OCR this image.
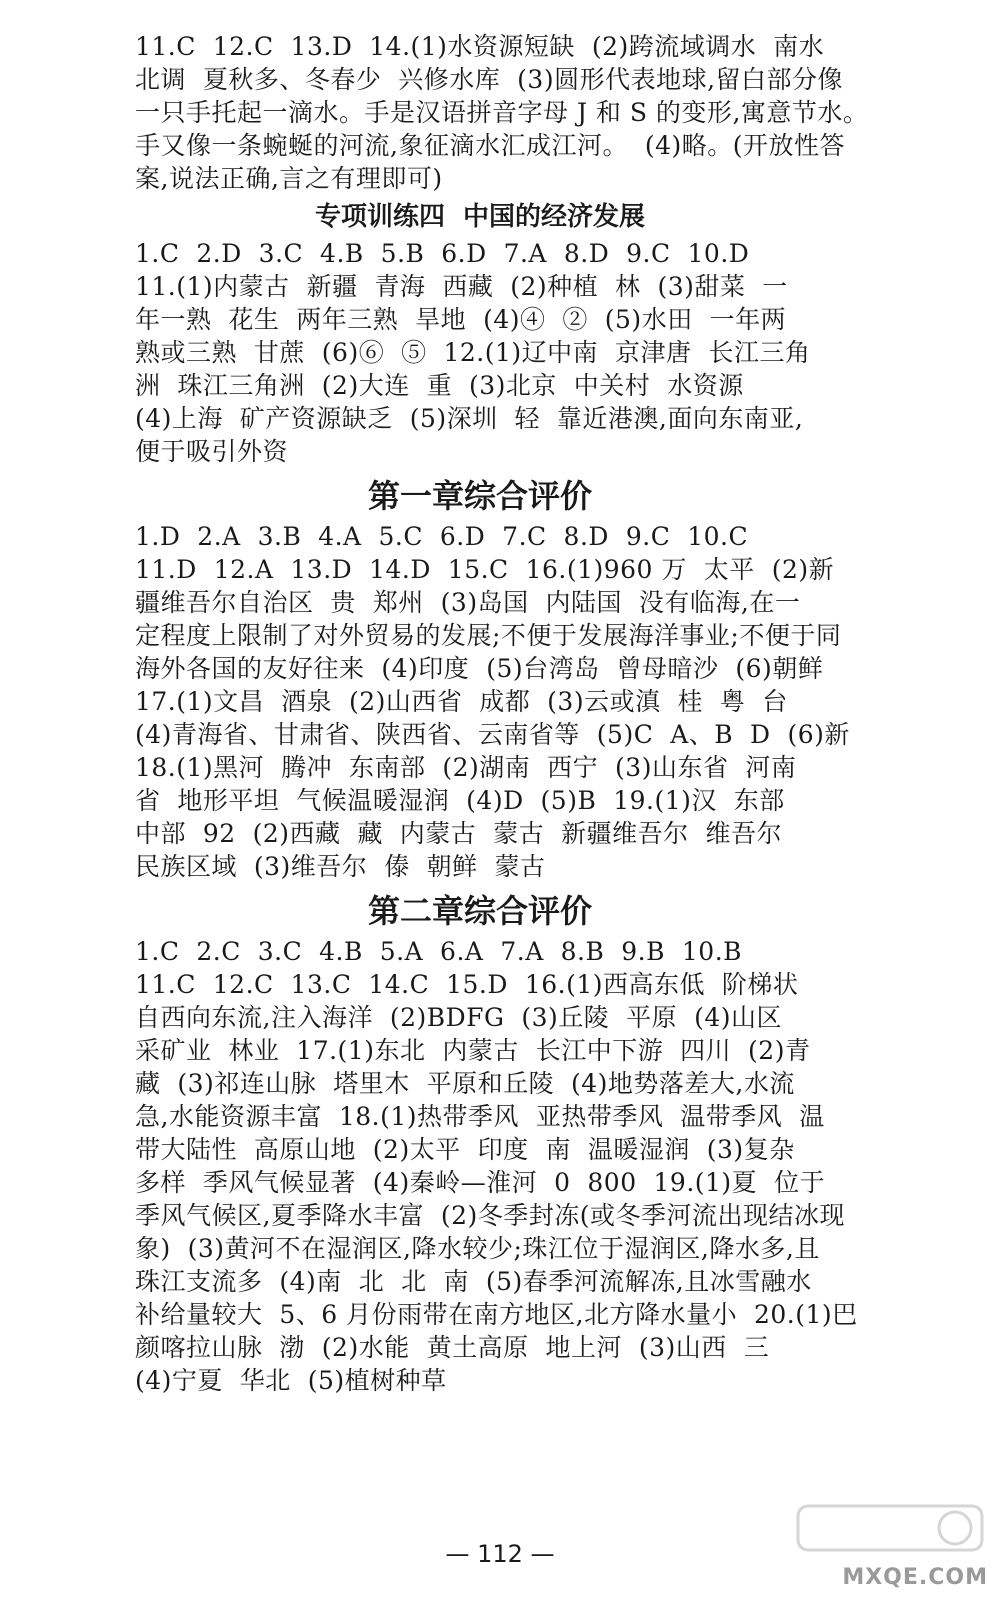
11.C  12.C  13.D  14.(1)水资源短缺  (2)跨流域调水  南水
北调  夏秋多、冬春少  兴修水库  (3)圆形代表地球,留白部分像
一只手托起一滴水。手是汉语拼音字母 J 和 S 的变形,寓意节水。
手又像一条蜿蜒的河流,象征滴水汇成江河。  (4)略。(开放性答
案,说法正确,言之有理即可)
专项训练四  中国的经济发展
1.C  2.D  3.C  4.B  5.B  6.D  7.A  8.D  9.C  10.D
11.(1)内蒙古  新疆  青海  西藏  (2)种植  林  (3)甜菜  一
年一熟  花生  两年三熟  旱地  (4)④  ②  (5)水田  一年两
熟或三熟  甘蔗  (6)⑥  ⑤  12.(1)辽中南  京津唐  长江三角
洲  珠江三角洲  (2)大连  重  (3)北京  中关村  水资源
(4)上海  矿产资源缺乏  (5)深圳  轻  靠近港澳,面向东南亚,
便于吸引外资
第一章综合评价
1.D  2.A  3.B  4.A  5.C  6.D  7.C  8.D  9.C  10.C
11.D  12.A  13.D  14.D  15.C  16.(1)960 万  太平  (2)新
疆维吾尔自治区  贵  郑州  (3)岛国  内陆国  没有临海,在一
定程度上限制了对外贸易的发展;不便于发展海洋事业;不便于同
海外各国的友好往来  (4)印度  (5)台湾岛  曾母暗沙  (6)朝鲜
17.(1)文昌  酒泉  (2)山西省  成都  (3)云或滇  桂  粤  台
(4)青海省、甘肃省、陕西省、云南省等  (5)C  A、B  D  (6)新
18.(1)黑河  腾冲  东南部  (2)湖南  西宁  (3)山东省  河南
省  地形平坦  气候温暖湿润  (4)D  (5)B  19.(1)汉  东部
中部  92  (2)西藏  藏  内蒙古  蒙古  新疆维吾尔  维吾尔
民族区域  (3)维吾尔  傣  朝鲜  蒙古
第二章综合评价
1.C  2.C  3.C  4.B  5.A  6.A  7.A  8.B  9.B  10.B
11.C  12.C  13.C  14.C  15.D  16.(1)西高东低  阶梯状
自西向东流,注入海洋  (2)BDFG  (3)丘陵  平原  (4)山区
采矿业  林业  17.(1)东北  内蒙古  长江中下游  四川  (2)青
藏  (3)祁连山脉  塔里木  平原和丘陵  (4)地势落差大,水流
急,水能资源丰富  18.(1)热带季风  亚热带季风  温带季风  温
带大陆性  高原山地  (2)太平  印度  南  温暖湿润  (3)复杂
多样  季风气候显著  (4)秦岭—淮河  0  800  19.(1)夏  位于
季风气候区,夏季降水丰富  (2)冬季封冻(或冬季河流出现结冰现
象)  (3)黄河不在湿润区,降水较少;珠江位于湿润区,降水多,且
珠江支流多  (4)南  北  北  南  (5)春季河流解冻,且冰雪融水
补给量较大  5、6 月份雨带在南方地区,北方降水量小  20.(1)巴
颜喀拉山脉  渤  (2)水能  黄土高原  地上河  (3)山西  三
(4)宁夏  华北  (5)植树种草
— 112 —
MXQE.COM
